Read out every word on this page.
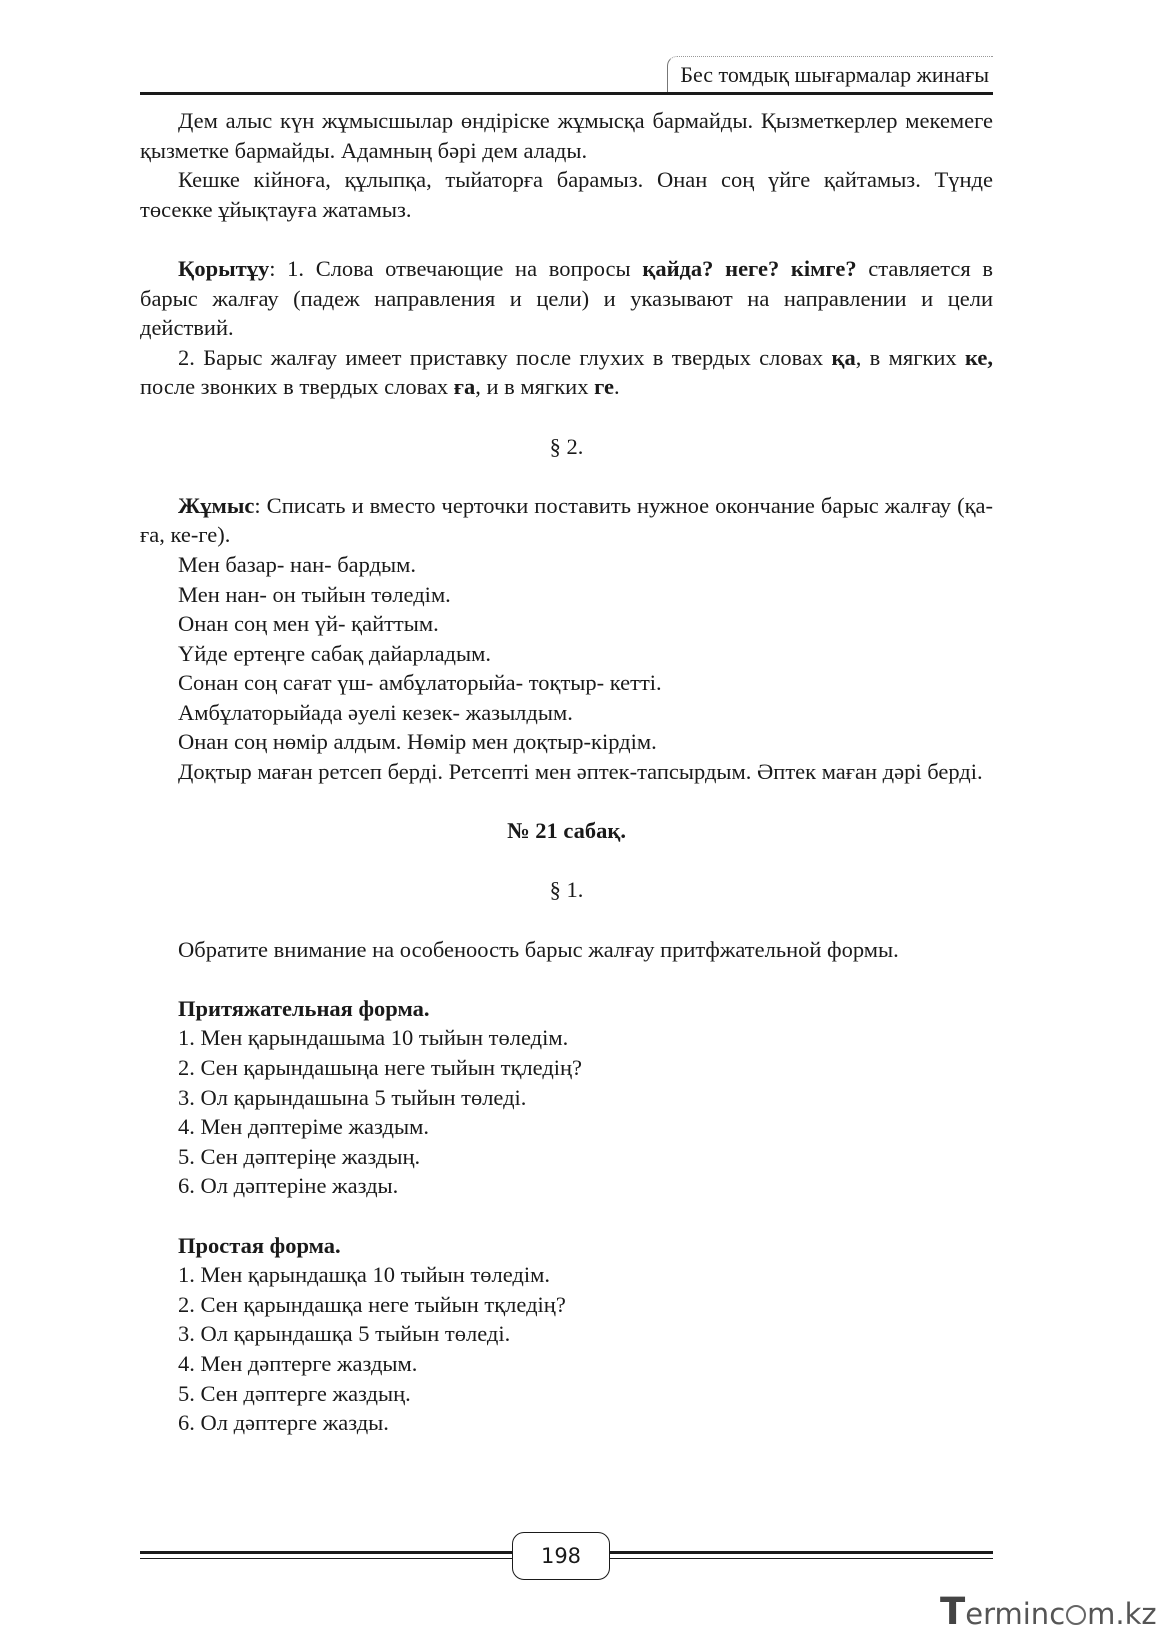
Бес томдық шығармалар жинағы

Дем алыс күн жұмысшылар өндіріске жұмысқа бармайды. Қызметкерлер мекемеге қызметке бармайды. Адамның бәрі дем алады.

Кешке кійноға, құлыпқа, тыйаторға барамыз. Онан соң үйге қайтамыз. Түнде төсекке ұйықтауға жатамыз.

Қорытұу: 1. Слова отвечающие на вопросы қайда? неге? кімге? ставляется в барыс жалғау (падеж направления и цели) и указывают на направлении и цели действий.

2. Барыс жалғау имеет приставку после глухих в твердых словах қа, в мягких ке, после звонких в твердых словах ға, и в мягких ге.

§ 2.

Жұмыс: Списать и вместо черточки поставить нужное окончание барыс жалғау (қа-ға, ке-ге).

Мен базар- нан- бардым.

Мен нан- он тыйын төледім.

Онан соң мен үй- қайттым.

Үйде ертеңге сабақ дайарладым.

Сонан соң сағат үш- амбұлаторыйа- тоқтыр- кетті.

Амбұлаторыйада әуелі кезек- жазылдым.

Онан соң нөмір алдым. Нөмір мен доқтыр-кірдім.

Доқтыр маған ретсеп берді. Ретсепті мен әптек-тапсырдым. Әптек маған дәрі берді.

№ 21 сабақ.

§ 1.

Обратите внимание на особеноость барыс жалғау притфжательной формы.

Притяжательная форма.

1. Мен қарындашыма 10 тыйын төледім.

2. Сен қарындашыңа неге тыйын тқледің?

3. Ол қарындашына 5 тыйын төледі.

4. Мен дәптеріме жаздым.

5. Сен дәптеріңе жаздың.

6. Ол дәптеріне жазды.

Простая форма.

1. Мен қарындашқа 10 тыйын төледім.

2. Сен қарындашқа неге тыйын тқледің?

3. Ол қарындашқа 5 тыйын төледі.

4. Мен дәптерге жаздым.

5. Сен дәптерге жаздың.

6. Ол дәптерге жазды.

198
Terminc m.kz
